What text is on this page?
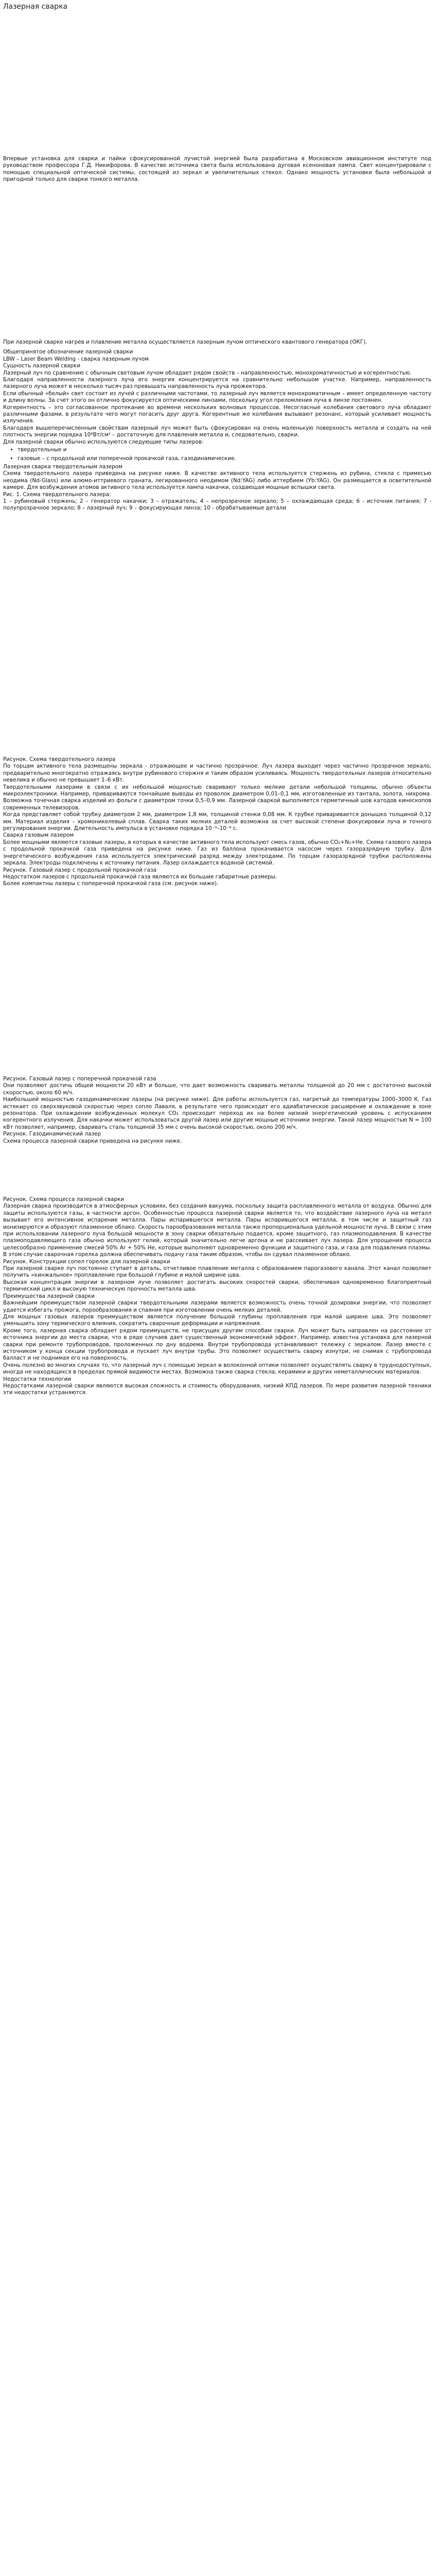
Лазерная сварка

Впервые установка для сварки и пайки сфокусированной лучистой энергией была разработана в Московском авиационном институте под руководством профессора Г.Д. Никифорова. В качестве источника света была использована дуговая ксеноновая лампа. Свет концентрировали с помощью специальной оптической системы, состоящей из зеркал и увеличительных стекол. Однако мощность установки была небольшой и пригодной только для сварки тонкого металла.

При лазерной сварке нагрев и плавление металла осуществляется лазерным лучом оптического квантового генератора (ОКГ).

Общепринятое обозначение лазерной сварки

LBW – Laser Beam Welding - сварка лазерным лучом

Сущность лазерной сварки

Лазерный луч по сравнению с обычным световым лучом обладает рядом свойств – направленностью, монохроматичностью и когерентностью.

Благодаря направленности лазерного луча его энергия концентрируется на сравнительно небольшом участке. Например, направленность лазерного луча может в несколько тысяч раз превышать направленность луча прожектора.

Если обычный «белый» свет состоит из лучей с различными частотами, то лазерный луч является монохроматичным – имеет определенную частоту и длину волны. За счет этого он отлично фокусируется оптическими линзами, поскольку угол преломления луча в линзе постоянен.

Когерентность – это согласованное протекание во времени нескольких волновых процессов. Несогласные колебания светового луча обладают различными фазами, в результате чего могут погасить друг друга. Когерентные же колебания вызывают резонанс, который усиливает мощность излучения.

Благодаря вышеперечисленным свойствам лазерный луч может быть сфокусирован на очень маленькую поверхность металла и создать на ней плотность энергии порядка 10⁸Вт/см² – достаточную для плавления металла и, следовательно, сварки.

Для лазерной сварки обычно используются следующие типы лазеров:

• твердотельные и
• газовые – с продольной или поперечной прокачкой газа, газодинамические.

Лазерная сварка твердотельным лазером

Схема твердотельного лазера приведена на рисунке ниже. В качестве активного тела используется стержень из рубина, стекла с примесью неодима (Nd-Glass) или алюмо-иттриевого граната, легированного неодимом (Nd:YAG) либо иттербием (Yb:YAG). Он размещается в осветительной камере. Для возбуждения атомов активного тела используется лампа накачки, создающая мощные вспышки света.

Рис. 1. Схема твердотельного лазера:

1 – рубиновый стержень; 2 – генератор накачки; 3 – отражатель; 4 – непрозрачное зеркало; 5 – охлаждающая среда; 6 - источник питания; 7 - полупрозрачное зеркало; 8 – лазерный луч; 9 – фокусирующая линза; 10 - обрабатываемые детали

Рисунок. Схема твердотельного лазера

По торцам активного тела размещены зеркала - отражающее и частично прозрачное. Луч лазера выходит через частично прозрачное зеркало, предварительно многократно отражаясь внутри рубинового стержня и таким образом усиливаясь. Мощность твердотельных лазеров относительно невелика и обычно не превышает 1–6 кВт.

Твердотельными лазерами в связи с их небольшой мощностью сваривают только мелкие детали небольшой толщины, обычно объекты микроэлектроники. Например, привариваются тончайшие выводы из проволок диаметром 0,01–0,1 мм, изготовленные из тантала, золота, нихрома. Возможна точечная сварка изделий из фольги с диаметром точки 0,5–0,9 мм. Лазерной сваркой выполняется герметичный шов катодов кинескопов современных телевизоров.

Когда представляет собой трубку диаметром 2 мм, диаметром 1,8 мм, толщиной стенки 0,08 мм. К трубке приваривается донышко толщиной 0,12 мм. Материал изделия – хромоникелевый сплав. Сварка таких мелких деталей возможна за счет высокой степени фокусировки луча и точного регулирования энергии. Длительность импульса в установке порядка 10⁻⁹–10⁻⁶ с.

Сварка газовым лазером

Более мощными являются газовые лазеры, в которых в качестве активного тела используют смесь газов, обычно CO₂+N₂+He. Схема газового лазера с продольной прокачкой газа приведена на рисунке ниже. Газ из баллона прокачивается насосом через газоразрядную трубку. Для энергетического возбуждения газа используется электрический разряд между электродами. По торцам газоразрядной трубки расположены зеркала. Электроды подключены к источнику питания. Лазер охлаждается водяной системой.

Рисунок. Газовый лазер с продольной прокачкой газа

Недостатком лазеров с продольной прокачкой газа являются их большие габаритные размеры.

Более компактны лазеры с поперечной прокачкой газа (см. рисунок ниже).

Рисунок. Газовый лазер с поперечной прокачкой газа

Они позволяют достичь общей мощности 20 кВт и больше, что дает возможность сваривать металлы толщиной до 20 мм с достаточно высокой скоростью, около 60 м/ч.

Наибольшей мощностью газодинамические лазеры (на рисунке ниже). Для работы используется газ, нагретый до температуры 1000–3000 К. Газ истекает со сверхзвуковой скоростью через сопло Лаваля, в результате чего происходит его адиабатическое расширение и охлаждение в зоне резонатора. При охлаждении возбужденных молекул CO₂ происходит переход их на более низкий энергетический уровень с испусканием когерентного излучения. Для накачки может использоваться другой лазер или другие мощные источники энергии. Такой лазер мощностью N = 100 кВт позволяет, например, сваривать сталь толщиной 35 мм с очень высокой скоростью, около 200 м/ч.

Рисунок. Газодинамический лазер

Схема процесса лазерной сварки приведена на рисунке ниже.

Рисунок. Схема процесса лазерной сварки

Лазерная сварка производится в атмосферных условиях, без создания вакуума, поскольку защита расплавленного металла от воздуха. Обычно для защиты используются газы, в частности аргон. Особенностью процесса лазерной сварки является то, что воздействие лазерного луча на металл вызывает его интенсивное испарение металла. Пары испарившегося металла. Пары испарившегося металла, в том числе и защитный газ ионизируются и образуют плазменное облако. Скорость парообразования металла также пропорциональна удельной мощности луча. В связи с этим при использовании лазерного луча большой мощности в зону сварки обязательно подается, кроме защитного, газ плазмоподавления. В качестве плазмоподавляющего газа обычно используют гелий, который значительно легче аргона и не рассеивает луч лазера. Для упрощения процесса целесообразно применение смесей 50% Ar + 50% He, которые выполняют одновременно функции и защитного газа, и газа для подавления плазмы. В этом случае сварочная горелка должна обеспечивать подачу газа таким образом, чтобы он сдувал плазменное облако.

Рисунок. Конструкции сопел горелок для лазерной сварки

При лазерной сварке луч постоянно ступает в деталь, отчетливое плавление металла с образованием парогазового канала. Этот канал позволяет получить «кинжальное» проплавление при большой глубине и малой ширине шва.

Высокая концентрация энергии в лазерном луче позволяет достигать высоких скоростей сварки, обеспечивая одновременно благоприятный термический цикл и высокую техническую прочность металла шва.

Преимущества лазерной сварки

Важнейшим преимуществом лазерной сварки твердотельными лазерами является возможность очень точной дозировки энергии, что позволяет удается избегать прожога, порообразования и спаяния при изготовлении очень мелких деталей.

Для мощных газовых лазеров преимуществом является получение большой глубины проплавления при малой ширине шва. Это позволяет уменьшить зону термического влияния, сократить сварочные деформации и напряжения.

Кроме того, лазерная сварка обладает рядом преимуществ, не присущих другим способам сварки. Луч может быть направлен на расстояние от источника энергии до места сварки, что в ряде случаев дает существенный экономический эффект. Например, известна установка для лазерной сварки при ремонте трубопроводов, проложенных по дну водоема. Внутри трубопровода устанавливают тележку с зеркалом. Лазер вместе с источником у конца секции трубопровода и пускает луч внутри трубы. Это позволяет осуществить сварку изнутри, не снимая с трубопровода балласт и не поднимая его на поверхность.

Очень полезно во многих случаях то, что лазерный луч с помощью зеркал и волоконной оптики позволяет осуществлять сварку в труднодоступных, иногда не находящихся в пределах прямой видимости местах. Возможна также сварка стекла, керамики и других неметаллических материалов.

Недостатки технологии

Недостатками лазерной сварки являются высокая сложность и стоимость оборудования, низкий КПД лазеров. По мере развития лазерной техники эти недостатки устраняются.
